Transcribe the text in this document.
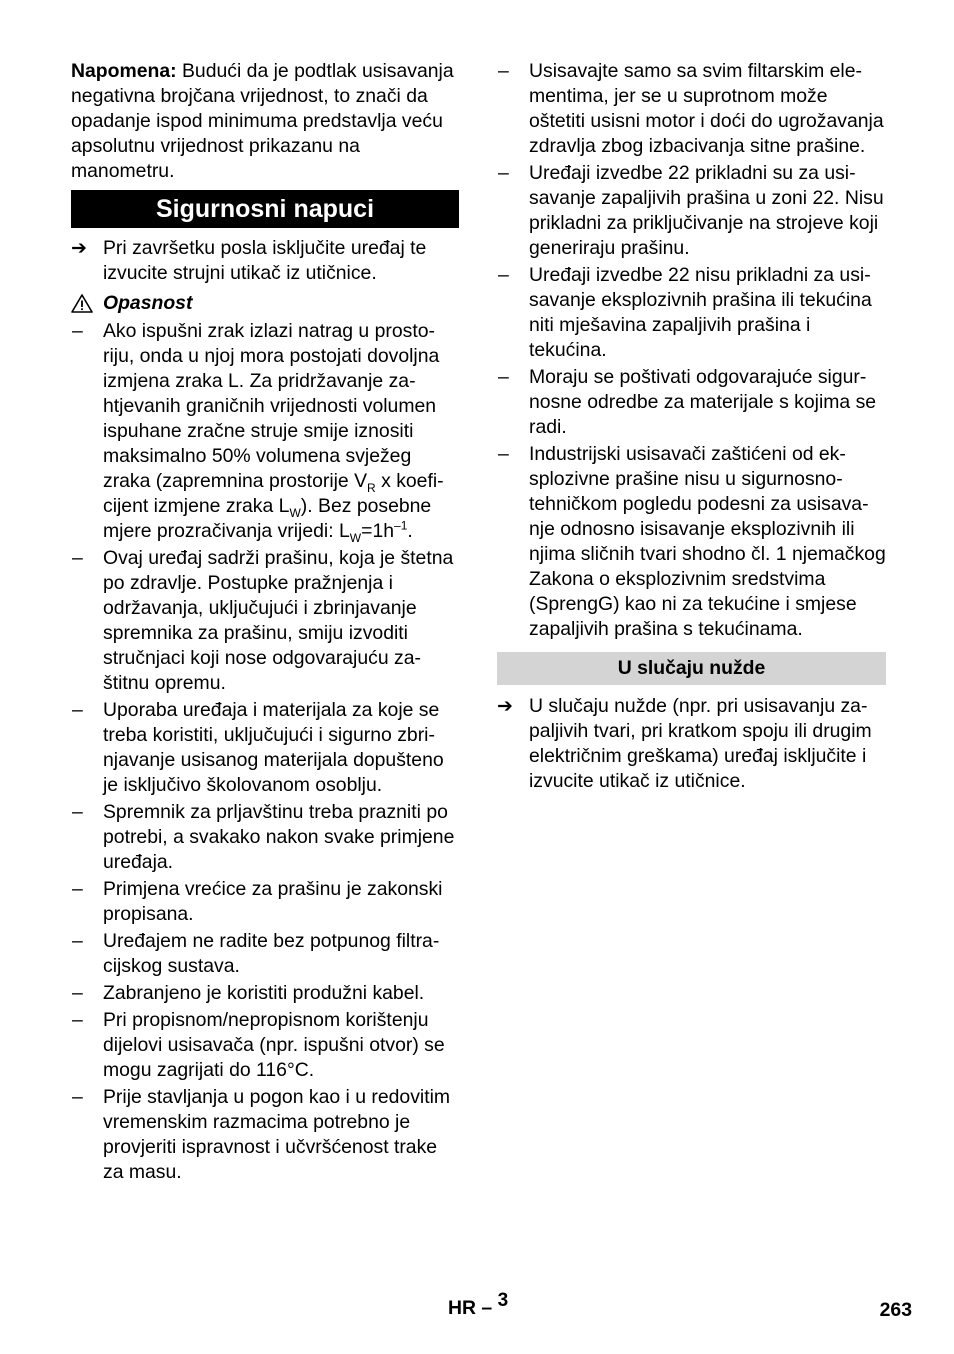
Napomena: Budući da je podtlak usisavanja negativna brojčana vrijednost, to znači da opadanje ispod minimuma predstavlja veću apsolutnu vrijednost prikazanu na manometru.

Sigurnosni napuci
➔ Pri završetku posla isključite uređaj te izvucite strujni utikač iz utičnice.
Opasnost
– Ako ispušni zrak izlazi natrag u prostoriju, onda u njoj mora postojati dovoljna izmjena zraka L. Za pridržavanje zahtjevanih graničnih vrijednosti volumen ispuhane zračne struje smije iznositi maksimalno 50% volumena svježeg zraka (zapremnina prostorije $V_R$ x koeficijent izmjene zraka $L_W$). Bez posebne mjere prozračivanja vrijedi: $L_W=1h^{-1}$.
– Ovaj uređaj sadrži prašinu, koja je štetna po zdravlje. Postupke pražnjenja i održavanja, uključujući i zbrinjavanje spremnika za prašinu, smiju izvoditi stručnjaci koji nose odgovarajuću zaštitnu opremu.
– Uporaba uređaja i materijala za koje se treba koristiti, uključujući i sigurno zbrinjavanje usisanog materijala dopušteno je isključivo školovanom osoblju.
– Spremnik za prljavštinu treba prazniti po potrebi, a svakako nakon svake primjene uređaja.
– Primjena vrećice za prašinu je zakonski propisana.
– Uređajem ne radite bez potpunog filtracijskog sustava.
– Zabranjeno je koristiti produžni kabel.
– Pri propisnom/nepropisnom korištenju dijelovi usisavača (npr. ispušni otvor) se mogu zagrijati do 116°C.
– Prije stavljanja u pogon kao i u redovitim vremenskim razmacima potrebno je provjeriti ispravnost i učvršćenost trake za masu.
– Usisavajte samo sa svim filtarskim elementima, jer se u suprotnom može oštetiti usisni motor i doći do ugrožavanja zdravlja zbog izbacivanja sitne prašine.
– Uređaji izvedbe 22 prikladni su za usisavanje zapaljivih prašina u zoni 22. Nisu prikladni za priključivanje na strojeve koji generiraju prašinu.
– Uređaji izvedbe 22 nisu prikladni za usisavanje eksplozivnih prašina ili tekućina niti mješavina zapaljivih prašina i tekućina.
– Moraju se poštivati odgovarajuće sigurnosne odredbe za materijale s kojima se radi.
– Industrijski usisavači zaštićeni od eksplozivne prašine nisu u sigurnosno-tehničkom pogledu podesni za usisavanje odnosno isisavanje eksplozivnih ili njima sličnih tvari shodno čl. 1 njemačkog Zakona o eksplozivnim sredstvima (SprengG) kao ni za tekućine i smjese zapaljivih prašina s tekućinama.
U slučaju nužde
➔ U slučaju nužde (npr. pri usisavanju zapaljivih tvari, pri kratkom spoju ili drugim električnim greškama) uređaj isključite i izvucite utikač iz utičnice.
HR – $^3$	263
